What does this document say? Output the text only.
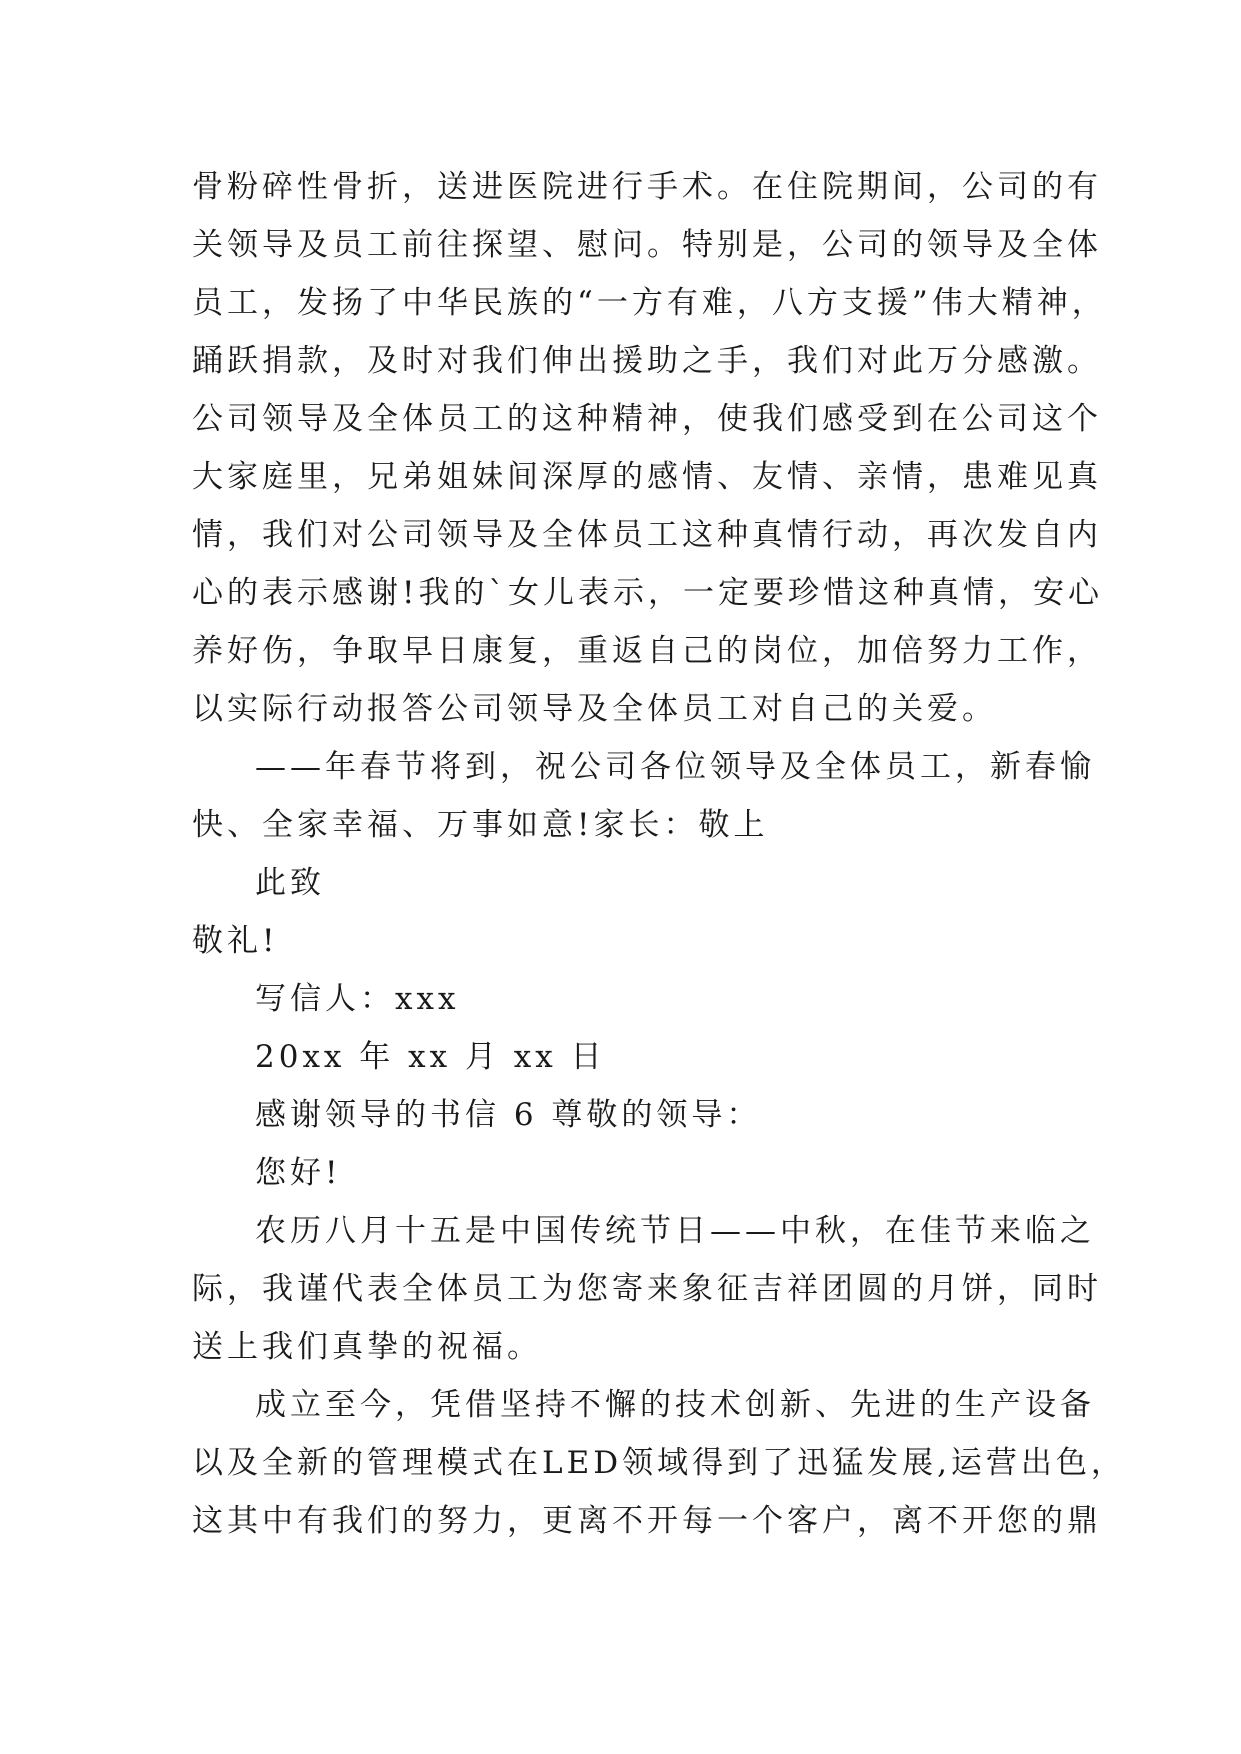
骨粉碎性骨折，送进医院进行手术。在住院期间，公司的有
关领导及员工前往探望、慰问。特别是，公司的领导及全体
员工，发扬了中华民族的“一方有难，八方支援”伟大精神，
踊跃捐款，及时对我们伸出援助之手，我们对此万分感激。
公司领导及全体员工的这种精神，使我们感受到在公司这个
大家庭里，兄弟姐妹间深厚的感情、友情、亲情，患难见真
情，我们对公司领导及全体员工这种真情行动，再次发自内
心的表示感谢!我的`女儿表示，一定要珍惜这种真情，安心
养好伤，争取早日康复，重返自己的岗位，加倍努力工作，
以实际行动报答公司领导及全体员工对自己的关爱。
——年春节将到，祝公司各位领导及全体员工，新春愉
快、全家幸福、万事如意!家长：敬上
此致
敬礼!
写信人：xxx
20xx 年 xx 月 xx 日
感谢领导的书信 6 尊敬的领导：
您好!
农历八月十五是中国传统节日——中秋，在佳节来临之
际，我谨代表全体员工为您寄来象征吉祥团圆的月饼，同时
送上我们真挚的祝福。
成立至今，凭借坚持不懈的技术创新、先进的生产设备
以及全新的管理模式在LED领域得到了迅猛发展,运营出色，
这其中有我们的努力，更离不开每一个客户，离不开您的鼎
